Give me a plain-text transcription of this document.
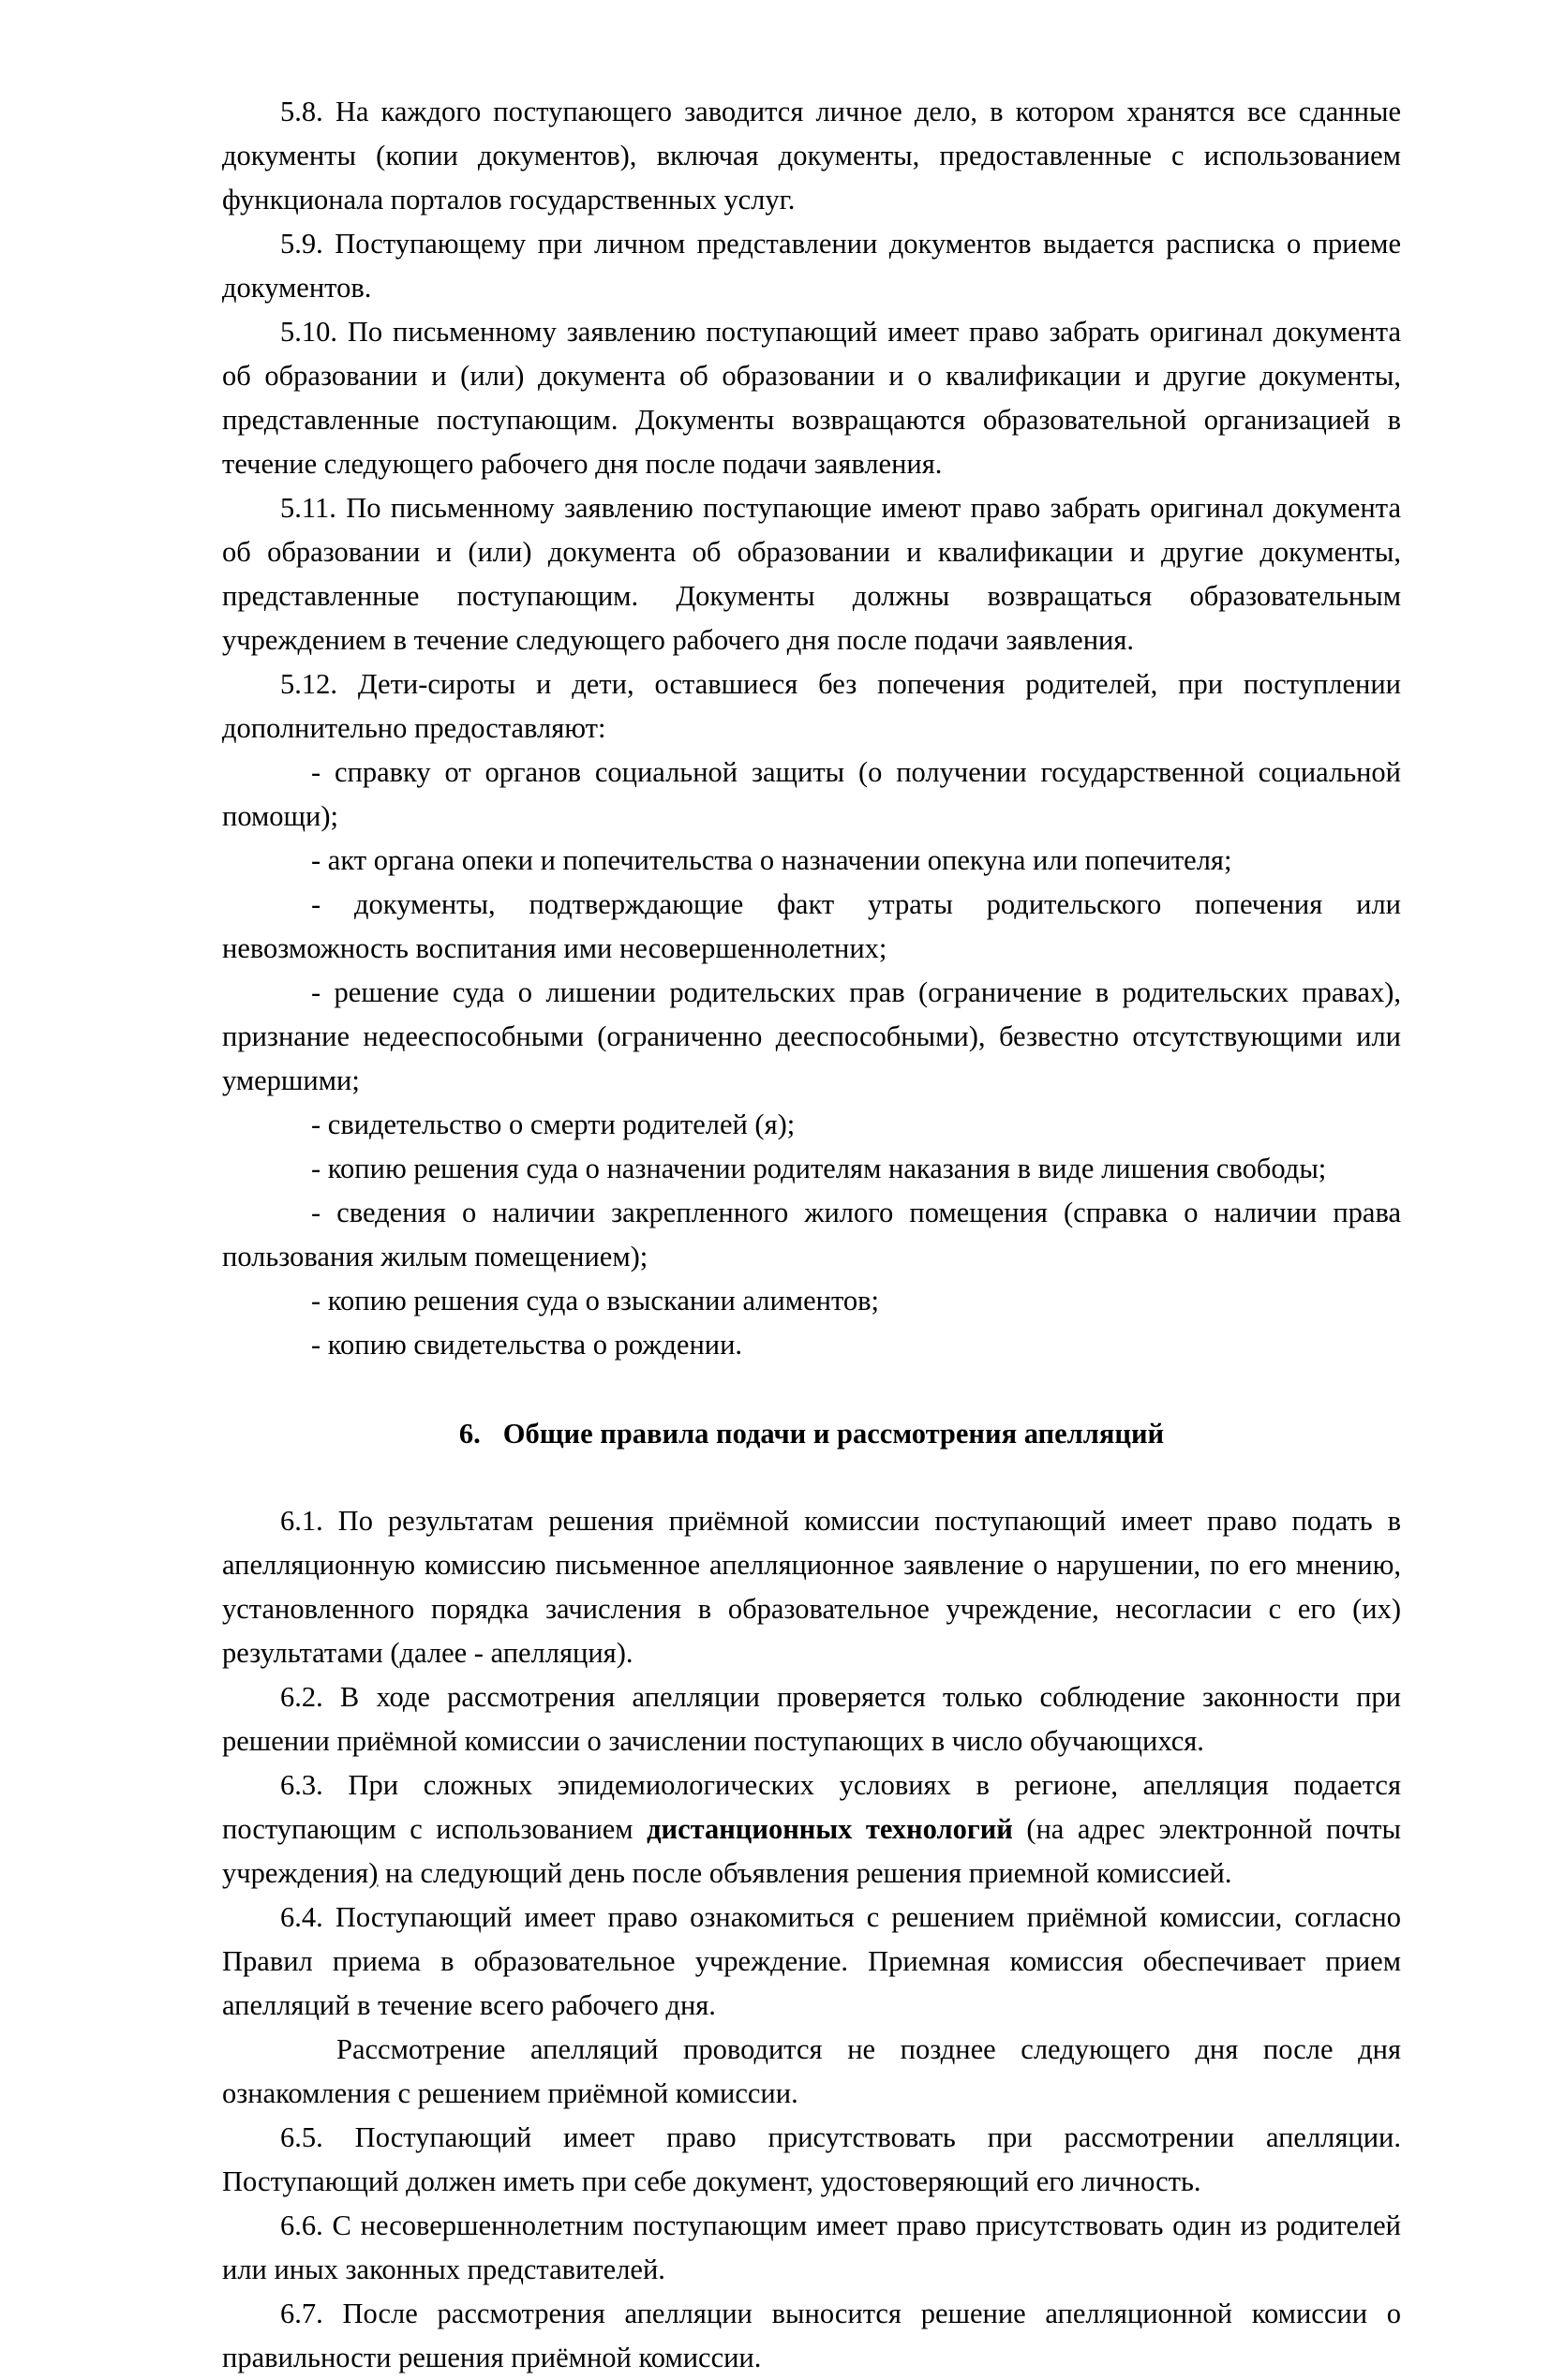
5.8. На каждого поступающего заводится личное дело, в котором хранятся все сданные документы (копии документов), включая документы, предоставленные с использованием функционала порталов государственных услуг.

5.9. Поступающему при личном представлении документов выдается расписка о приеме документов.

5.10. По письменному заявлению поступающий имеет право забрать оригинал документа об образовании и (или) документа об образовании и о квалификации и другие документы, представленные поступающим. Документы возвращаются образовательной организацией в течение следующего рабочего дня после подачи заявления.

5.11. По письменному заявлению поступающие имеют право забрать оригинал документа об образовании и (или) документа об образовании и квалификации и другие документы, представленные поступающим. Документы должны возвращаться образовательным учреждением в течение следующего рабочего дня после подачи заявления.

5.12. Дети-сироты и дети, оставшиеся без попечения родителей, при поступлении дополнительно предоставляют:

- справку от органов социальной защиты (о получении государственной социальной помощи);

- акт органа опеки и попечительства о назначении опекуна или попечителя;

- документы, подтверждающие факт утраты родительского попечения или невозможность воспитания ими несовершеннолетних;

- решение суда о лишении родительских прав (ограничение в родительских правах), признание недееспособными (ограниченно дееспособными), безвестно отсутствующими или умершими;

- свидетельство о смерти родителей (я);

- копию решения суда о назначении родителям наказания в виде лишения свободы;

- сведения о наличии закрепленного жилого помещения (справка о наличии права пользования жилым помещением);

- копию решения суда о взыскании алиментов;

- копию свидетельства о рождении.

6. Общие правила подачи и рассмотрения апелляций

6.1. По результатам решения приёмной комиссии поступающий имеет право подать в апелляционную комиссию письменное апелляционное заявление о нарушении, по его мнению, установленного порядка зачисления в образовательное учреждение, несогласии с его (их) результатами (далее - апелляция).

6.2. В ходе рассмотрения апелляции проверяется только соблюдение законности при решении приёмной комиссии о зачислении поступающих в число обучающихся.

6.3. При сложных эпидемиологических условиях в регионе, апелляция подается поступающим с использованием дистанционных технологий (на адрес электронной почты учреждения) на следующий день после объявления решения приемной комиссией.

6.4. Поступающий имеет право ознакомиться с решением приёмной комиссии, согласно Правил приема в образовательное учреждение. Приемная комиссия обеспечивает прием апелляций в течение всего рабочего дня.

Рассмотрение апелляций проводится не позднее следующего дня после дня ознакомления с решением приёмной комиссии.

6.5. Поступающий имеет право присутствовать при рассмотрении апелляции. Поступающий должен иметь при себе документ, удостоверяющий его личность.

6.6. С несовершеннолетним поступающим имеет право присутствовать один из родителей или иных законных представителей.

6.7. После рассмотрения апелляции выносится решение апелляционной комиссии о правильности решения приёмной комиссии.
